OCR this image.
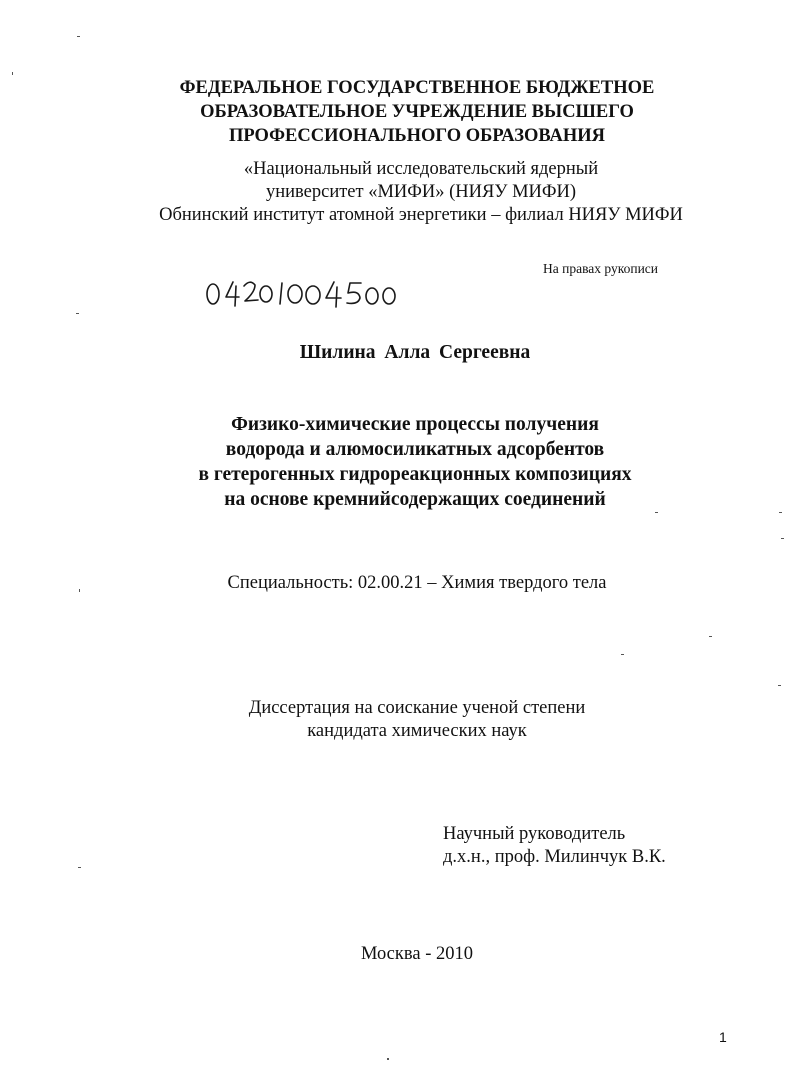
ФЕДЕРАЛЬНОЕ ГОСУДАРСТВЕННОЕ БЮДЖЕТНОЕ
ОБРАЗОВАТЕЛЬНОЕ УЧРЕЖДЕНИЕ ВЫСШЕГО
ПРОФЕССИОНАЛЬНОГО ОБРАЗОВАНИЯ
«Национальный исследовательский ядерный
университет «МИФИ» (НИЯУ МИФИ)
Обнинский институт атомной энергетики – филиал НИЯУ МИФИ
На правах рукописи
Шилина Алла Сергеевна
Физико-химические процессы получения
водорода и алюмосиликатных адсорбентов
в гетерогенных гидрореакционных композициях
на основе кремнийсодержащих соединений
Специальность: 02.00.21 – Химия твердого тела
Диссертация на соискание ученой степени
кандидата химических наук
Научный руководитель
д.х.н., проф. Милинчук В.К.
Москва - 2010
1
